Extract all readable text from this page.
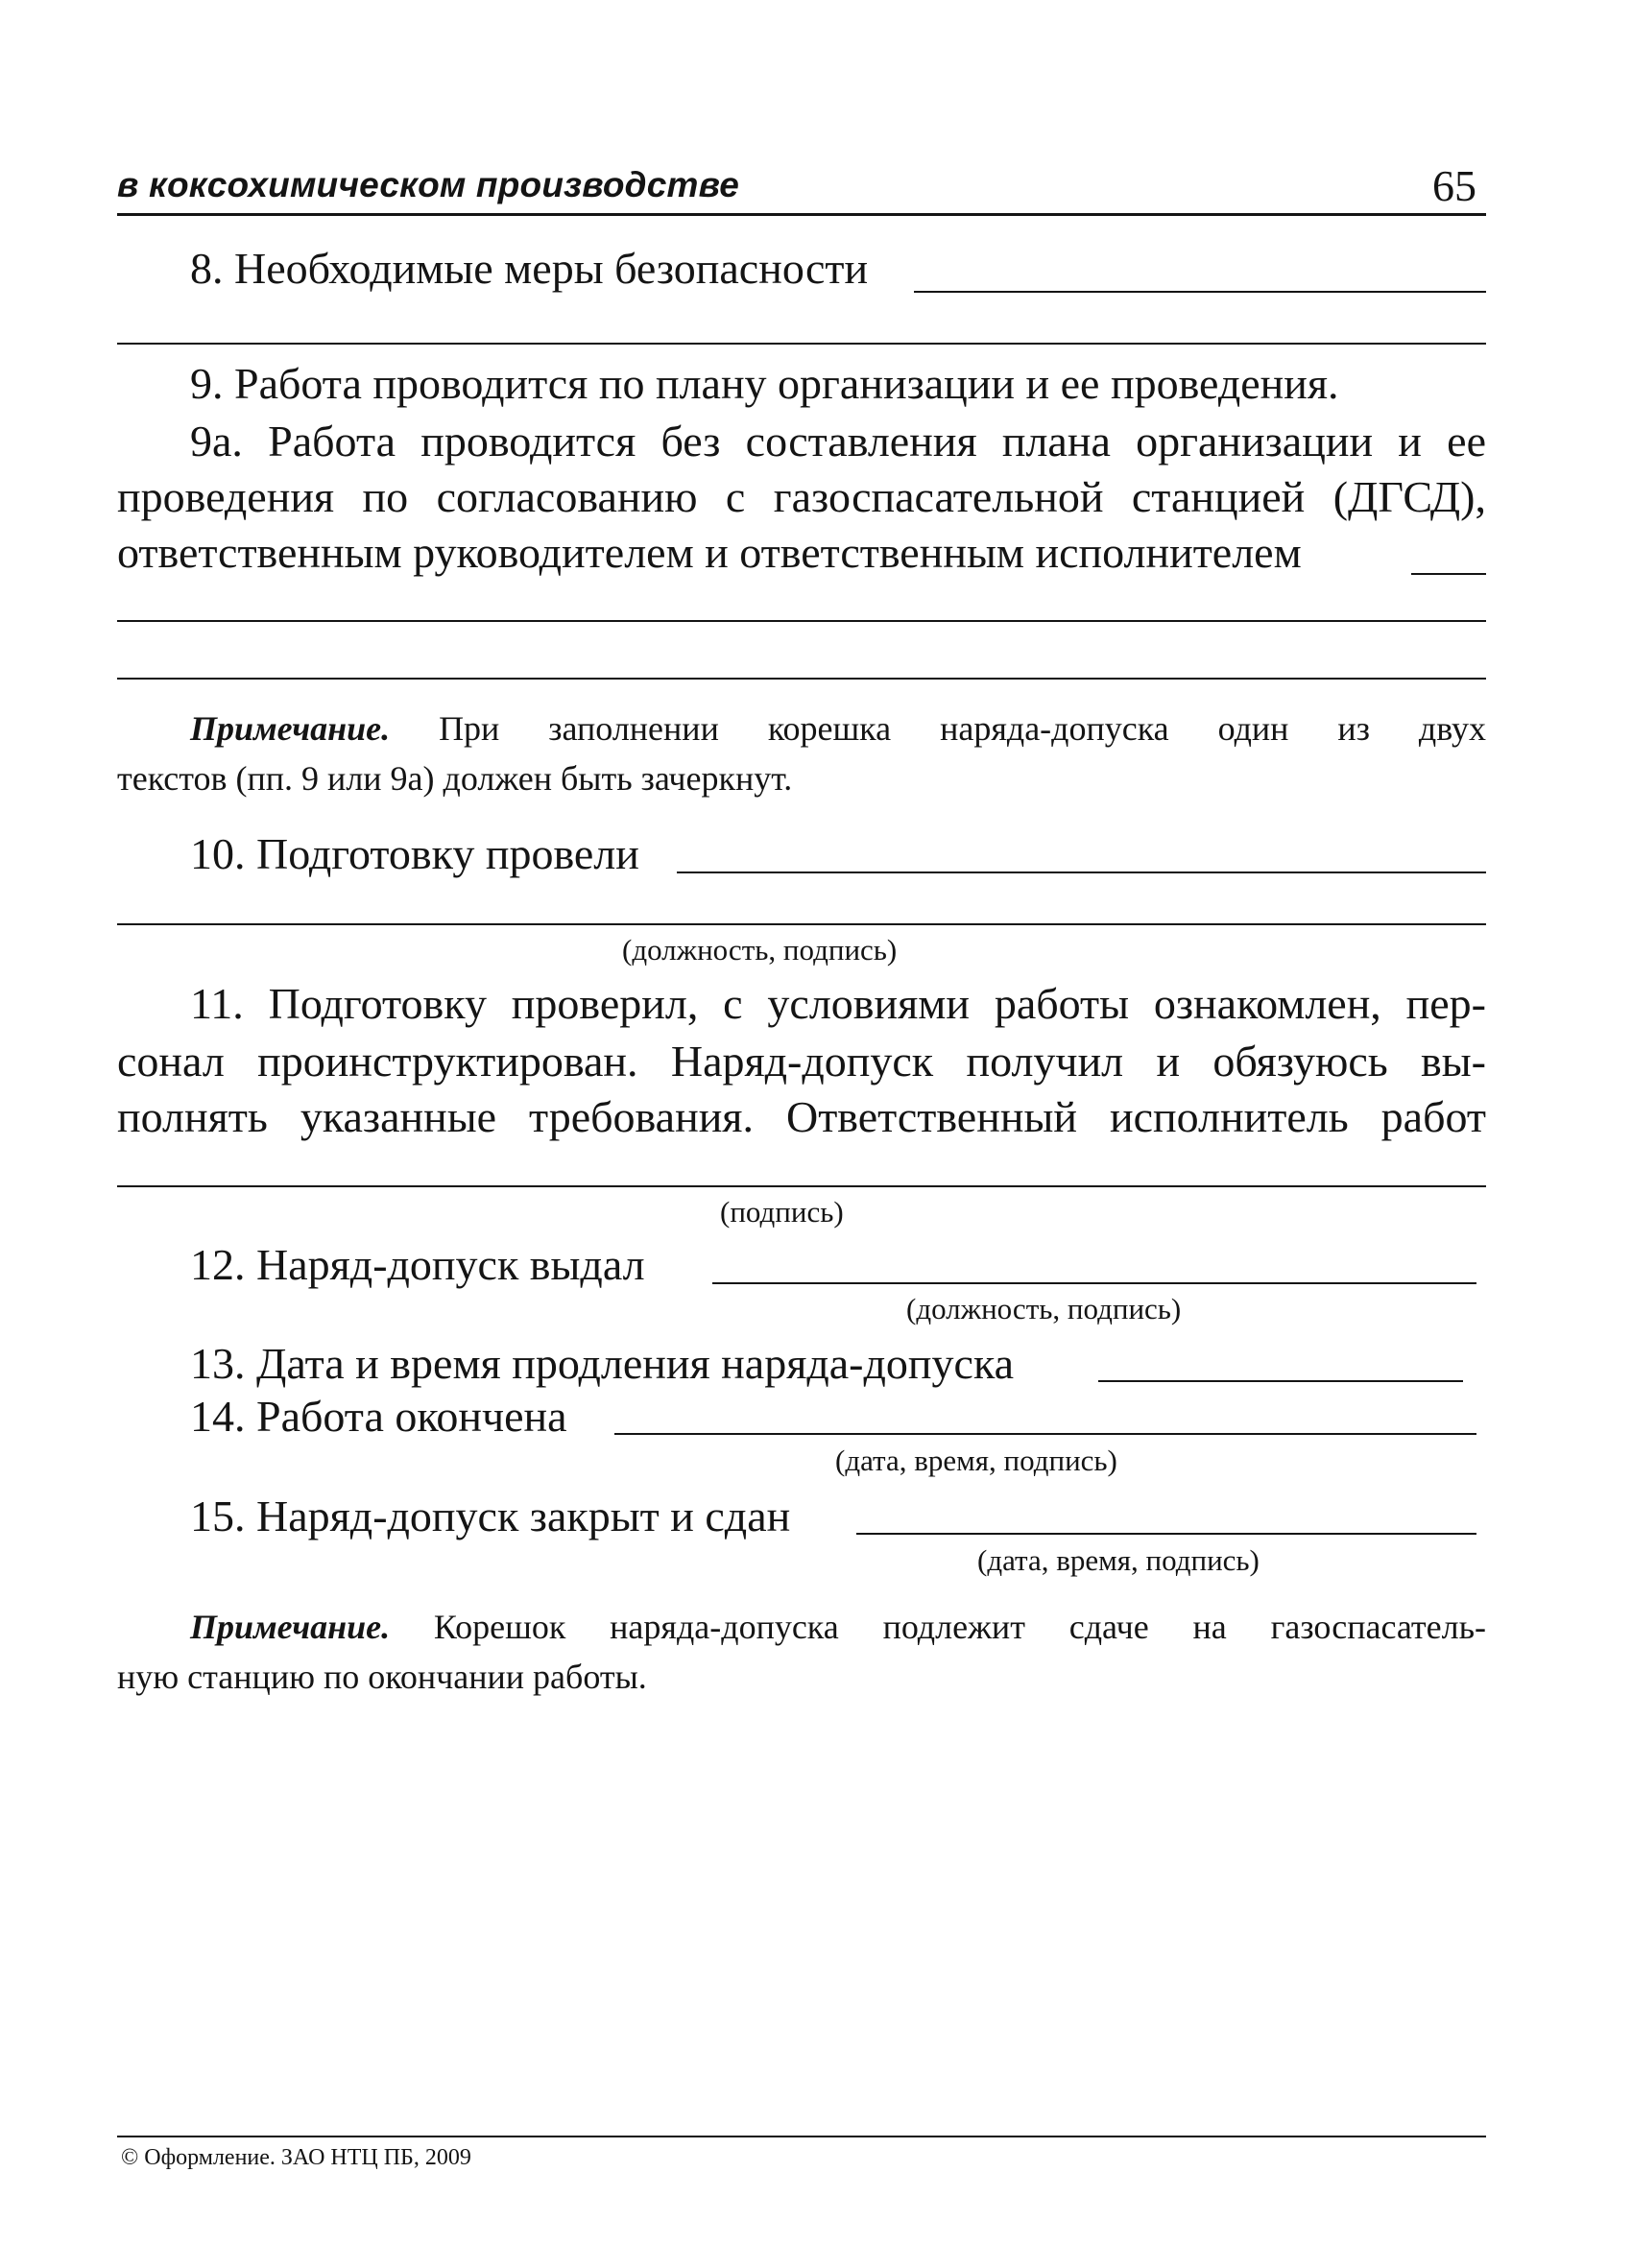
в коксохимическом производстве	65
8. Необходимые меры безопасности
9. Работа проводится по плану организации и ее проведения.
9а. Работа проводится без составления плана организации и ее
проведения по согласованию с газоспасательной станцией (ДГСД),
ответственным руководителем и ответственным исполнителем
Примечание. При заполнении корешка наряда-допуска один из двух
текстов (пп. 9 или 9а) должен быть зачеркнут.
10. Подготовку провели
(должность, подпись)
11. Подготовку проверил, с условиями работы ознакомлен, пер-
сонал проинструктирован. Наряд-допуск получил и обязуюсь вы-
полнять указанные требования. Ответственный исполнитель работ
(подпись)
12. Наряд-допуск выдал
(должность, подпись)
13. Дата и время продления наряда-допуска
14. Работа окончена
(дата, время, подпись)
15. Наряд-допуск закрыт и сдан
(дата, время, подпись)
Примечание. Корешок наряда-допуска подлежит сдаче на газоспасатель-
ную станцию по окончании работы.
© Оформление. ЗАО НТЦ ПБ, 2009
